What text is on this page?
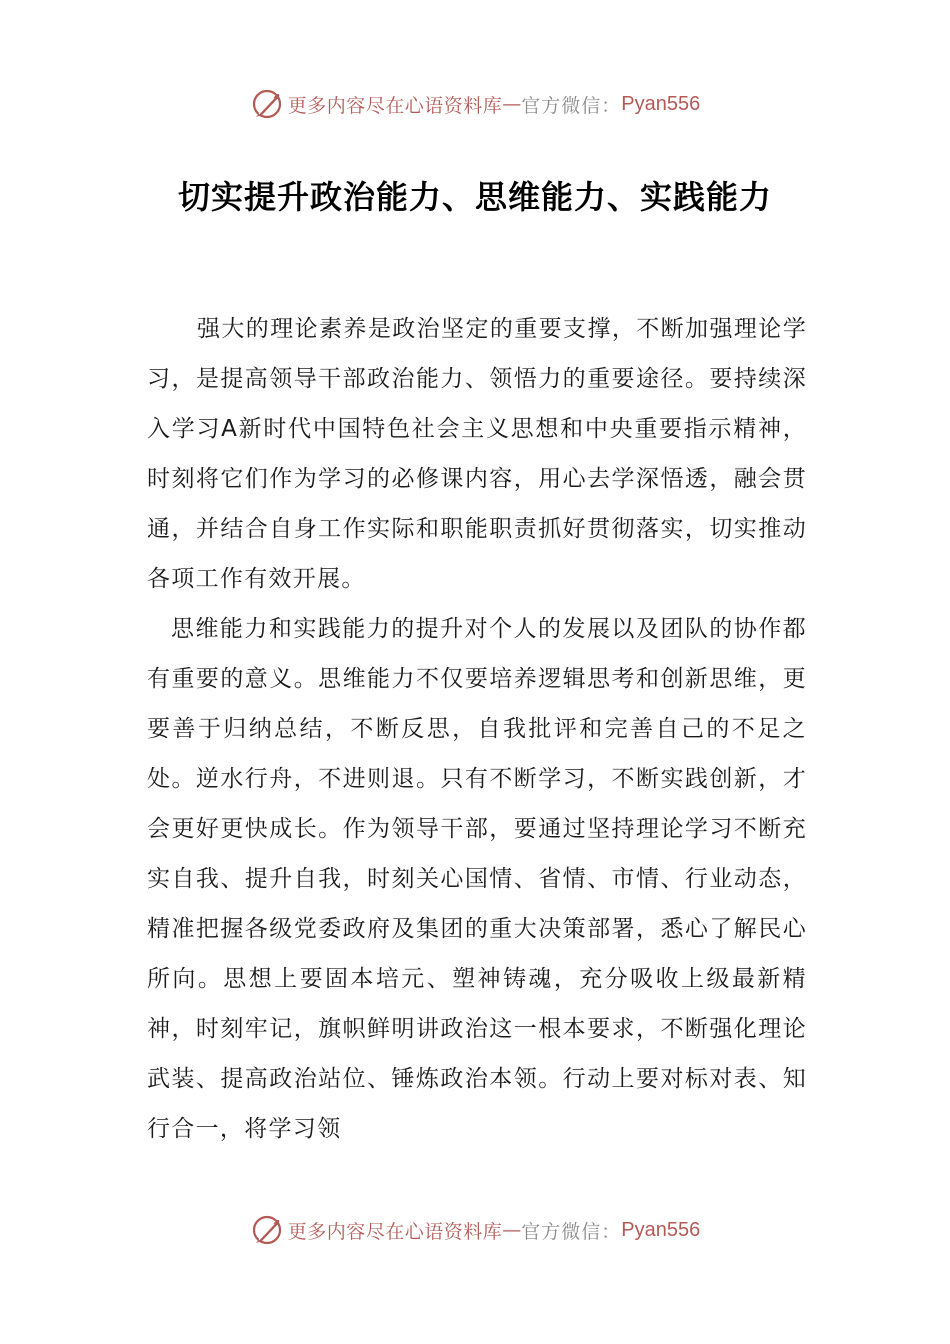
更多内容尽在心语资料库 — 官方微信： Pyan556
切实提升政治能力、思维能力、实践能力

强大的理论素养是政治坚定的重要支撑，不断加强理论学习，是提高领导干部政治能力、领悟力的重要途径。要持续深入学习A新时代中国特色社会主义思想和中央重要指示精神，时刻将它们作为学习的必修课内容，用心去学深悟透，融会贯通，并结合自身工作实际和职能职责抓好贯彻落实，切实推动各项工作有效开展。

思维能力和实践能力的提升对个人的发展以及团队的协作都有重要的意义。思维能力不仅要培养逻辑思考和创新思维，更要善于归纳总结，不断反思，自我批评和完善自己的不足之处。逆水行舟，不进则退。只有不断学习，不断实践创新，才会更好更快成长。作为领导干部，要通过坚持理论学习不断充实自我、提升自我，时刻关心国情、省情、市情、行业动态，精准把握各级党委政府及集团的重大决策部署，悉心了解民心所向。思想上要固本培元、塑神铸魂，充分吸收上级最新精神，时刻牢记，旗帜鲜明讲政治这一根本要求，不断强化理论武装、提高政治站位、锤炼政治本领。行动上要对标对表、知行合一，将学习领

更多内容尽在心语资料库 — 官方微信： Pyan556
